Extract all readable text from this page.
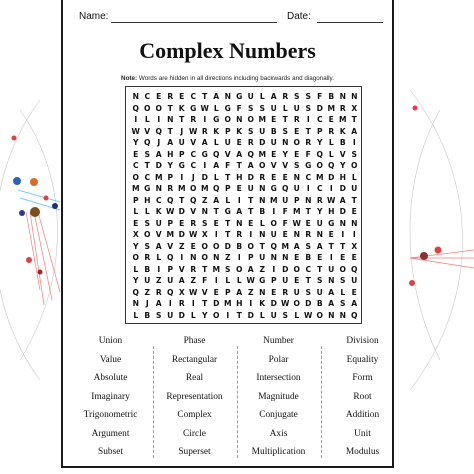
Name:	Date:
Complex Numbers
Note: Words are hidden in all directions including backwards and diagonally.
N C E R E C T A N G U L A R S S F B N N
Q O O T K G W L G F S S U L U S D M R X
I	L	I N T R I G O N O M E T R I C E M T
W V Q T J W R K P K S U B S E T P R K A
Y Q J A U V A L U E R D U N O R Y L B I
E S A H P C G Q V A Q M E Y E F Q L V S
C T D Y G C I A F T A O V V S G O Q Y O
O C M P I	J D L T H D R E E N C M D H L
M G N R M O M Q P E U N G Q U I C I D U
P H C Q T Q Z A L	I T N M U P N R W A T
L L K W D V N T G A T B I F M T Y H D E
E S U P E R S E T N E L O F W E U G N N
X O V M D W X I T R I N U E N R N E I	I
Y S A V Z E O O D B O T Q M A S A T T X
O R L Q I N O N Z I P U N N E B E I E E
L B I P V R T M S O A Z I D O C T U O Q
Y U Z U A Z F I	L L W G P U E T S N S U
Q Z R Q X W V E P A Z N E R U S U A L E
N J A I R I T D M H I K D W O D B A S A
L B S U D L Y O I T D L U S L W O N N Q
Union
Value
Absolute
Imaginary
Trigonometric
Argument
Subset
Phase
Rectangular
Real
Representation
Complex
Circle
Superset
Number
Polar
Intersection
Magnitude
Conjugate
Axis
Multiplication
Division
Equality
Form
Root
Addition
Unit
Modulus
